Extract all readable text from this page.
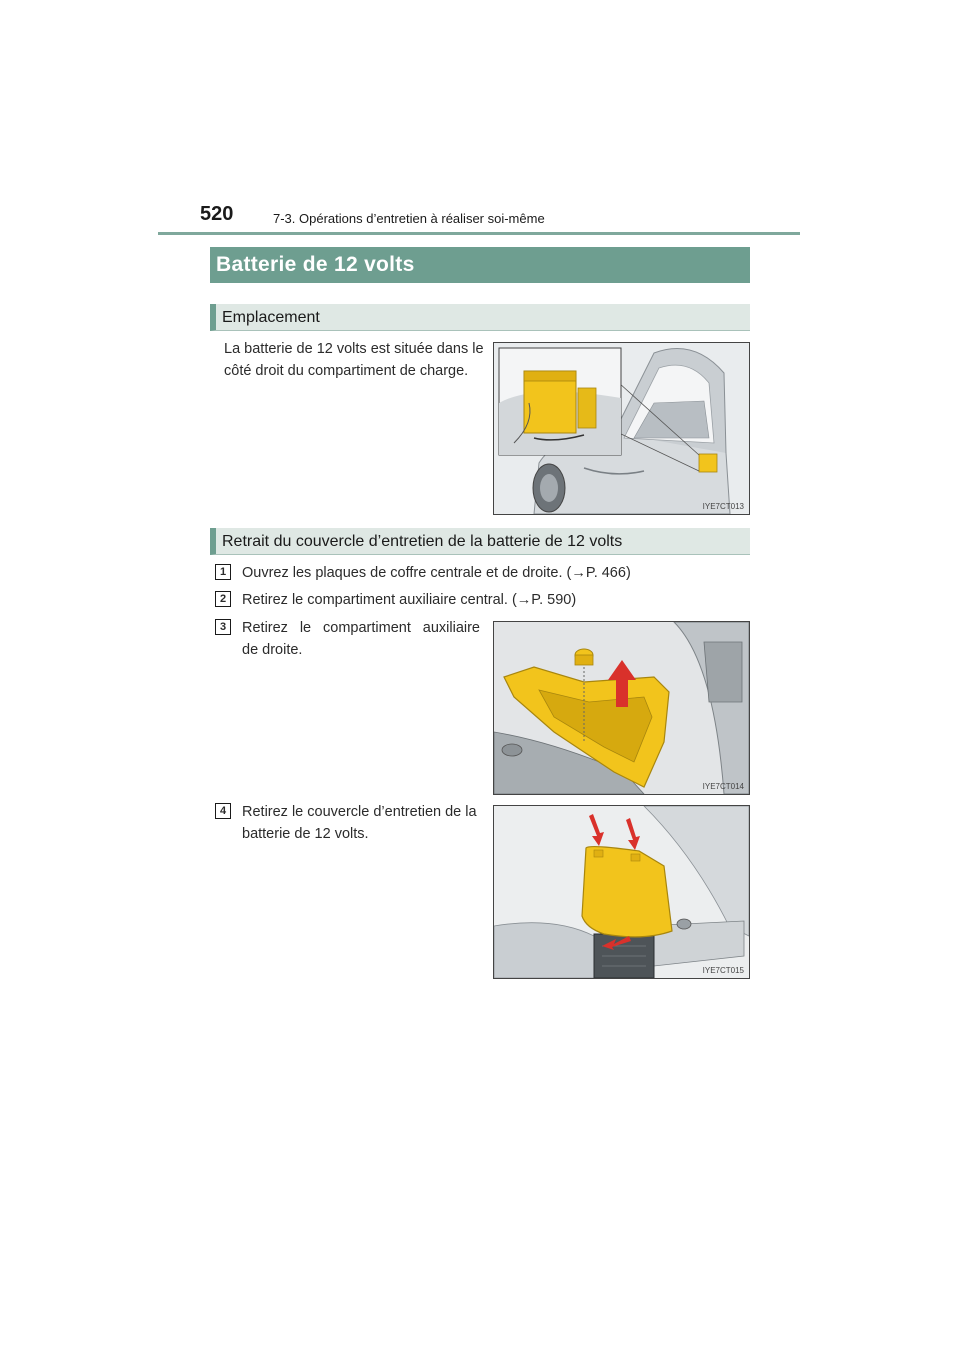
520	7-3. Opérations d’entretien à réaliser soi-même
Batterie de 12 volts
Emplacement
La batterie de 12 volts est située dans le
côté droit du compartiment de charge.
IYE7CT013
Retrait du couvercle d’entretien de la batterie de 12 volts
1	Ouvrez les plaques de coffre centrale et de droite. (→P. 466)
2	Retirez le compartiment auxiliaire central. (→P. 590)
3	Retirez le compartiment auxiliaire
de droite.
IYE7CT014
4	Retirez le couvercle d’entretien de la
batterie de 12 volts.
IYE7CT015
